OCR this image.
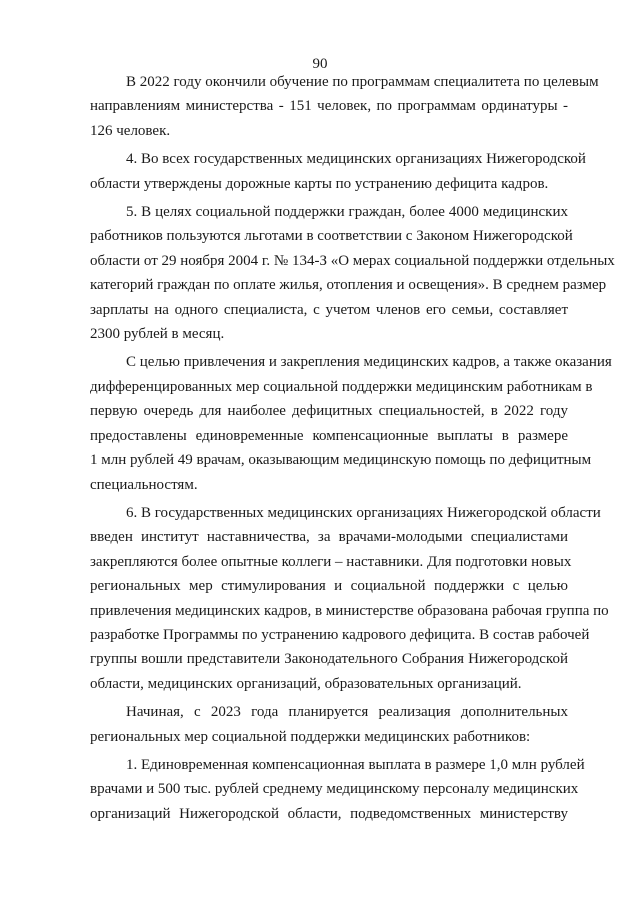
90
В 2022 году окончили обучение по программам специалитета по целевым
направлениям министерства - 151 человек, по программам ординатуры -
126 человек.
4. Во всех государственных медицинских организациях Нижегородской
области утверждены дорожные карты по устранению дефицита кадров.
5. В целях социальной поддержки граждан, более 4000 медицинских
работников пользуются льготами в соответствии с Законом Нижегородской
области от 29 ноября 2004 г. № 134-З «О мерах социальной поддержки отдельных
категорий граждан по оплате жилья, отопления и освещения». В среднем размер
зарплаты на одного специалиста, с учетом членов его семьи, составляет
2300 рублей в месяц.
С целью привлечения и закрепления медицинских кадров, а также оказания
дифференцированных мер социальной поддержки медицинским работникам в
первую очередь для наиболее дефицитных специальностей, в 2022 году
предоставлены единовременные компенсационные выплаты в размере
1 млн рублей 49 врачам, оказывающим медицинскую помощь по дефицитным
специальностям.
6. В государственных медицинских организациях Нижегородской области
введен институт наставничества, за врачами-молодыми специалистами
закрепляются более опытные коллеги – наставники. Для подготовки новых
региональных мер стимулирования и социальной поддержки с целью
привлечения медицинских кадров, в министерстве образована рабочая группа по
разработке Программы по устранению кадрового дефицита. В состав рабочей
группы вошли представители Законодательного Собрания Нижегородской
области, медицинских организаций, образовательных организаций.
Начиная, с 2023 года планируется реализация дополнительных
региональных мер социальной поддержки медицинских работников:
1. Единовременная компенсационная выплата в размере 1,0 млн рублей
врачами и 500 тыс. рублей среднему медицинскому персоналу медицинских
организаций Нижегородской области, подведомственных министерству
